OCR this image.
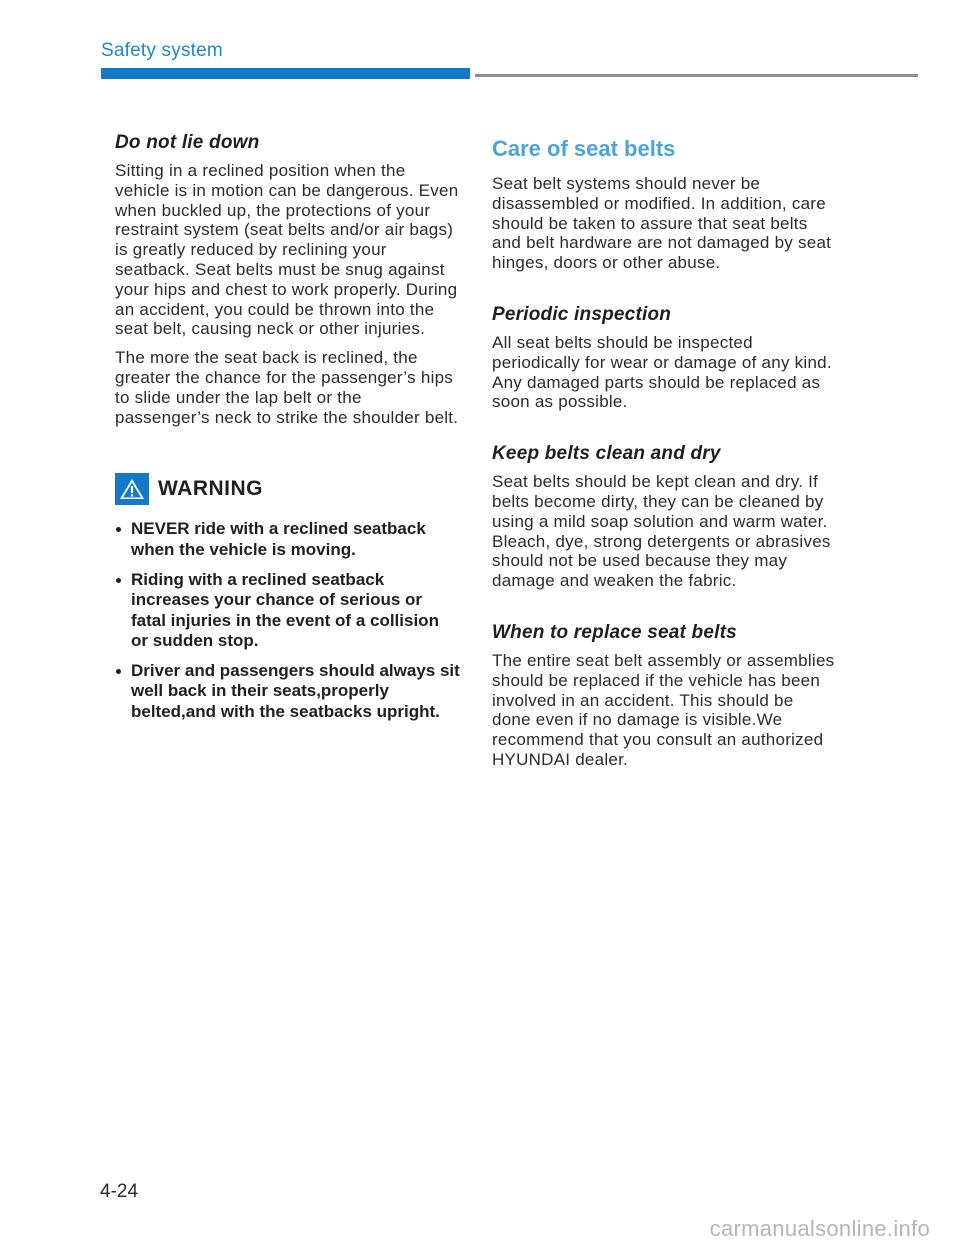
Safety system
Do not lie down

Sitting in a reclined position when the vehicle is in motion can be dangerous. Even when buckled up, the protections of your restraint system (seat belts and/or air bags) is greatly reduced by reclining your seatback. Seat belts must be snug against your hips and chest to work properly. During an accident, you could be thrown into the seat belt, causing neck or other injuries.

The more the seat back is reclined, the greater the chance for the passenger’s hips to slide under the lap belt or the passenger’s neck to strike the shoulder belt.

WARNING
NEVER ride with a reclined seatback when the vehicle is moving.
Riding with a reclined seatback increases your chance of serious or fatal injuries in the event of a collision or sudden stop.
Driver and passengers should always sit well back in their seats,properly belted,and with the seatbacks upright.
Care of seat belts

Seat belt systems should never be disassembled or modified. In addition, care should be taken to assure that seat belts and belt hardware are not damaged by seat hinges, doors or other abuse.

Periodic inspection

All seat belts should be inspected periodically for wear or damage of any kind. Any damaged parts should be replaced as soon as possible.

Keep belts clean and dry

Seat belts should be kept clean and dry. If belts become dirty, they can be cleaned by using a mild soap solution and warm water. Bleach, dye, strong detergents or abrasives should not be used because they may damage and weaken the fabric.

When to replace seat belts

The entire seat belt assembly or assemblies should be replaced if the vehicle has been involved in an accident. This should be done even if no damage is visible.We recommend that you consult an authorized HYUNDAI dealer.

4-24
carmanualsonline.info
